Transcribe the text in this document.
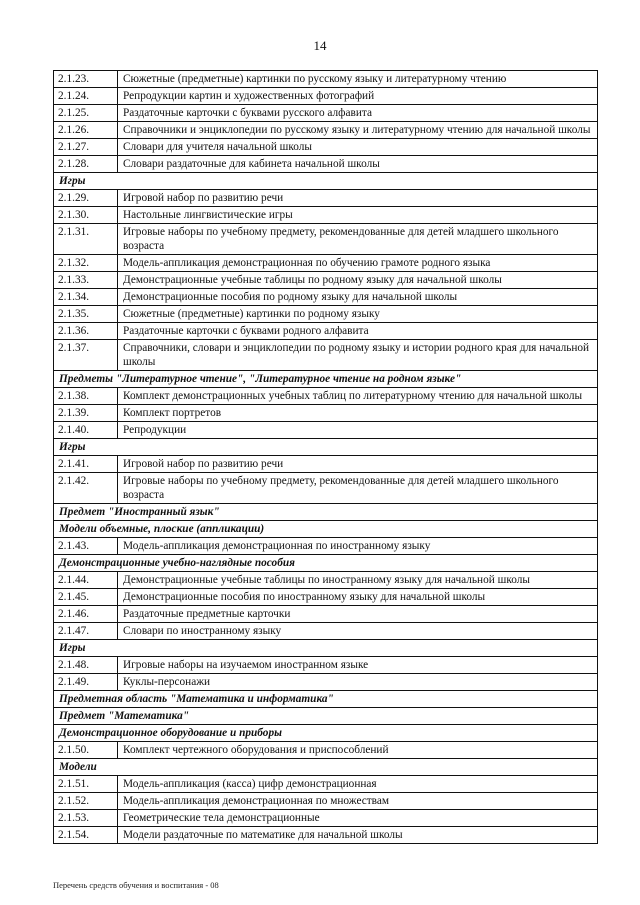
14
2.1.23.	Сюжетные (предметные) картинки по русскому языку и литературному чтению
2.1.24.	Репродукции картин и художественных фотографий
2.1.25.	Раздаточные карточки с буквами русского алфавита
2.1.26.	Справочники и энциклопедии по русскому языку и литературному чтению для начальной школы
2.1.27.	Словари для учителя начальной школы
2.1.28.	Словари раздаточные для кабинета начальной школы
Игры	
2.1.29.	Игровой набор по развитию речи
2.1.30.	Настольные лингвистические игры
2.1.31.	Игровые наборы по учебному предмету, рекомендованные для детей младшего школьного возраста
2.1.32.	Модель-аппликация демонстрационная по обучению грамоте родного языка
2.1.33.	Демонстрационные учебные таблицы по родному языку для начальной школы
2.1.34.	Демонстрационные пособия по родному языку для начальной школы
2.1.35.	Сюжетные (предметные) картинки по родному языку
2.1.36.	Раздаточные карточки с буквами родного алфавита
2.1.37.	Справочники, словари и энциклопедии по родному языку и истории родного края для начальной школы
Предметы "Литературное чтение", "Литературное чтение на родном языке"	
2.1.38.	Комплект демонстрационных учебных таблиц по литературному чтению для начальной школы
2.1.39.	Комплект портретов
2.1.40.	Репродукции
Игры	
2.1.41.	Игровой набор по развитию речи
2.1.42.	Игровые наборы по учебному предмету, рекомендованные для детей младшего школьного возраста
Предмет "Иностранный язык"	
Модели объемные, плоские (аппликации)	
2.1.43.	Модель-аппликация демонстрационная по иностранному языку
Демонстрационные учебно-наглядные пособия	
2.1.44.	Демонстрационные учебные таблицы по иностранному языку для начальной школы
2.1.45.	Демонстрационные пособия по иностранному языку для начальной школы
2.1.46.	Раздаточные предметные карточки
2.1.47.	Словари по иностранному языку
Игры	
2.1.48.	Игровые наборы на изучаемом иностранном языке
2.1.49.	Куклы-персонажи
Предметная область "Математика и информатика"	
Предмет "Математика"	
Демонстрационное оборудование и приборы	
2.1.50.	Комплект чертежного оборудования и приспособлений
Модели	
2.1.51.	Модель-аппликация (касса) цифр демонстрационная
2.1.52.	Модель-аппликация демонстрационная по множествам
2.1.53.	Геометрические тела демонстрационные
2.1.54.	Модели раздаточные по математике для начальной школы
Перечень средств обучения и воспитания - 08
